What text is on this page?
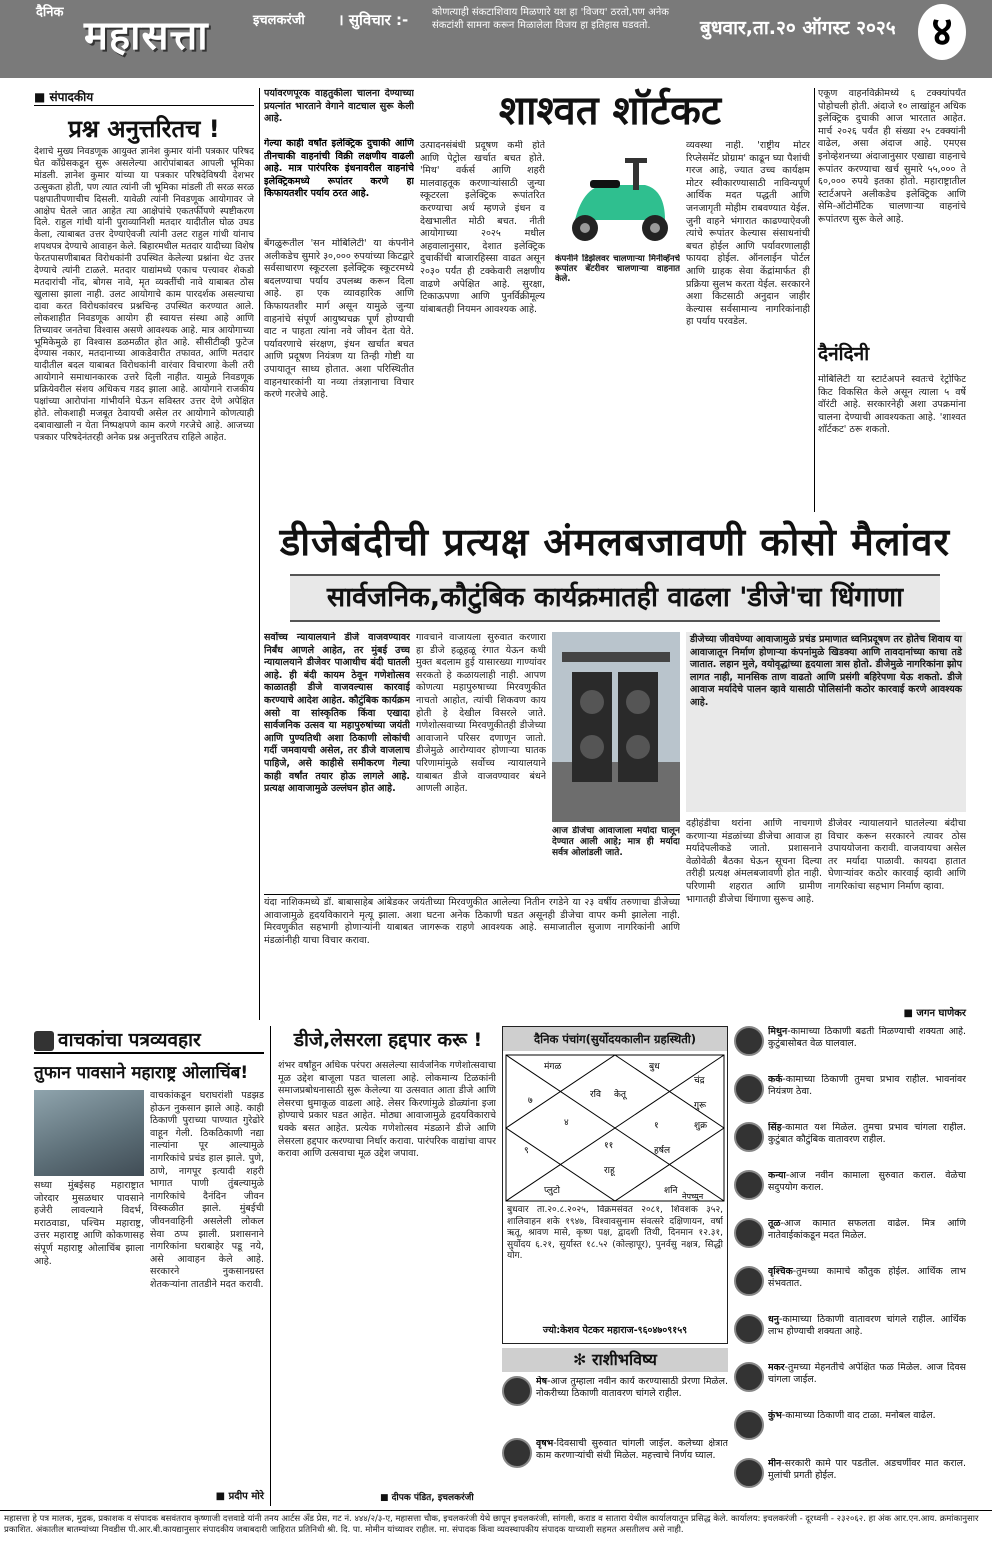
दैनिक
महासत्ता	इचलकरंजी । सुविचार :- कोणत्याही संकटाशिवाय मिळणारे यश हा 'विजय' ठरतो,पण अनेक संकटांशी सामना करून मिळालेला विजय हा इतिहास घडवतो.	बुधवार,ता.२० ऑगस्ट २०२५ ४
■ संपादकीय
प्रश्न अनुत्तरितच !
देशाचे मुख्य निवडणूक आयुक्त ज्ञानेश कुमार यांनी पत्रकार परिषद घेत काँग्रेसकडून सुरू असलेल्या आरोपांबाबत आपली भूमिका मांडली. ज्ञानेश कुमार यांच्या या पत्रकार परिषदेविषयी देशभर उत्सुकता होती, पण त्यात त्यांनी जी भूमिका मांडली ती सरळ सरळ पक्षपातीपणाचीच दिसली. यावेळी त्यांनी निवडणूक आयोगावर जे आक्षेप घेतले जात आहेत त्या आक्षेपांचे एकतर्फीपणे स्पष्टीकरण दिले. राहुल गांधी यांनी पुराव्यानिशी मतदार यादीतील घोळ उघड केला, त्याबाबत उत्तर देण्याऐवजी त्यांनी उलट राहुल गांधी यांनाच शपथपत्र देण्याचे आवाहन केले. बिहारमधील मतदार यादीच्या विशेष फेरतपासणीबाबत विरोधकांनी उपस्थित केलेल्या प्रश्नांना थेट उत्तर देण्याचे त्यांनी टाळले. मतदार याद्यांमध्ये एकाच पत्त्यावर शेकडो मतदारांची नोंद, बोगस नावे, मृत व्यक्तींची नावे याबाबत ठोस खुलासा झाला नाही. उलट आयोगाचे काम पारदर्शक असल्याचा दावा करत विरोधकांवरच प्रश्नचिन्ह उपस्थित करण्यात आले. लोकशाहीत निवडणूक आयोग ही स्वायत्त संस्था आहे आणि तिच्यावर जनतेचा विश्वास असणे आवश्यक आहे. मात्र आयोगाच्या भूमिकेमुळे हा विश्वास डळमळीत होत आहे. सीसीटीव्ही फुटेज देण्यास नकार, मतदानाच्या आकडेवारीत तफावत, आणि मतदार यादीतील बदल याबाबत विरोधकांनी वारंवार विचारणा केली तरी आयोगाने समाधानकारक उत्तरे दिली नाहीत. यामुळे निवडणूक प्रक्रियेवरील संशय अधिकच गडद झाला आहे. आयोगाने राजकीय पक्षांच्या आरोपांना गांभीर्याने घेऊन सविस्तर उत्तर देणे अपेक्षित होते. लोकशाही मजबूत ठेवायची असेल तर आयोगाने कोणत्याही दबावाखाली न येता निष्पक्षपणे काम करणे गरजेचे आहे. आजच्या पत्रकार परिषदेनंतरही अनेक प्रश्न अनुत्तरितच राहिले आहेत.
पर्यावरणपूरक वाहतुकीला चालना देण्याच्या प्रयत्नांत भारताने वेगाने वाटचाल सुरू केली आहे.
गेल्या काही वर्षांत इलेक्ट्रिक दुचाकी आणि तीनचाकी वाहनांची विक्री लक्षणीय वाढली आहे. मात्र पारंपरिक इंधनावरील वाहनांचे इलेक्ट्रिकमध्ये रूपांतर करणे हा किफायतशीर पर्याय ठरत आहे.
बेंगळुरूतील 'सन मोबिलिटी' या कंपनीने अलीकडेच सुमारे ३०,००० रुपयांच्या किटद्वारे सर्वसाधारण स्कूटरला इलेक्ट्रिक स्कूटरमध्ये बदलण्याचा पर्याय उपलब्ध करून दिला आहे. हा एक व्यावहारिक आणि किफायतशीर मार्ग असून यामुळे जुन्या वाहनांचे संपूर्ण आयुष्यचक्र पूर्ण होण्याची वाट न पाहता त्यांना नवे जीवन देता येते. पर्यावरणाचे संरक्षण, इंधन खर्चात बचत आणि प्रदूषण नियंत्रण या तिन्ही गोष्टी या उपायातून साध्य होतात. अशा परिस्थितीत वाहनधारकांनी या नव्या तंत्रज्ञानाचा विचार करणे गरजेचे आहे.
शाश्वत शॉर्टकट
उत्पादनसंबंधी प्रदूषण कमी होते आणि पेट्रोल खर्चात बचत होते. 'मिथ' वर्कर्स आणि शहरी मालवाहतूक करणाऱ्यांसाठी जुन्या स्कूटरला इलेक्ट्रिक रूपांतरित करण्याचा अर्थ म्हणजे इंधन व देखभालीत मोठी बचत. नीती आयोगाच्या २०२५ मधील अहवालानुसार, देशात इलेक्ट्रिक दुचाकींची बाजारहिस्सा वाढत असून २०३० पर्यंत ही टक्केवारी लक्षणीय वाढणे अपेक्षित आहे. सुरक्षा, टिकाऊपणा आणि पुनर्विक्रीमूल्य यांबाबतही नियमन आवश्यक आहे.
कंपनीने डिझेलवर चालणाऱ्या मिनीव्हॅनचे रूपांतर बॅटरीवर चालणाऱ्या वाहनात केले.
व्यवस्था नाही. 'राष्ट्रीय मोटर रिप्लेसमेंट प्रोग्राम' काढून घ्या पैशांची गरज आहे, ज्यात उच्च कार्यक्षम मोटर स्वीकारण्यासाठी नाविन्यपूर्ण आर्थिक मदत पद्धती आणि जनजागृती मोहीम राबवण्यात येईल. जुनी वाहने भंगारात काढण्याऐवजी त्यांचे रूपांतर केल्यास संसाधनांची बचत होईल आणि पर्यावरणालाही फायदा होईल. ऑनलाईन पोर्टल आणि ग्राहक सेवा केंद्रांमार्फत ही प्रक्रिया सुलभ करता येईल. सरकारने अशा किटसाठी अनुदान जाहीर केल्यास सर्वसामान्य नागरिकांनाही हा पर्याय परवडेल.
एकूण वाहनविक्रीमध्ये ६ टक्क्यांपर्यंत पोहोचली होती. अंदाजे १० लाखांहून अधिक इलेक्ट्रिक दुचाकी आज भारतात आहेत. मार्च २०२६ पर्यंत ही संख्या २५ टक्क्यांनी वाढेल, असा अंदाज आहे. एमएस इनोव्हेशनच्या अंदाजानुसार एखाद्या वाहनाचे रूपांतर करण्याचा खर्च सुमारे ५५,००० ते ६०,००० रुपये इतका होतो. महाराष्ट्रातील स्टार्टअपने अलीकडेच इलेक्ट्रिक आणि सेमि-ऑटोमॅटिक चालणाऱ्या वाहनांचे रूपांतरण सुरू केले आहे.
दैनंदिनी
मोबिलिटी या स्टार्टअपने स्वतःचे रेट्रोफिट किट विकसित केले असून त्याला ५ वर्षे वॉरंटी आहे. सरकारनेही अशा उपक्रमांना चालना देण्याची आवश्यकता आहे. 'शाश्वत शॉर्टकट' ठरू शकतो.
डीजेबंदीची प्रत्यक्ष अंमलबजावणी कोसो मैलांवर
सार्वजनिक,कौटुंबिक कार्यक्रमातही वाढला 'डीजे'चा धिंगाणा
सर्वोच्च न्यायालयाने डीजे वाजवण्यावर निर्बंध आणले आहेत, तर मुंबई उच्च न्यायालयाने डीजेवर पाआधीच बंदी घातली आहे. ही बंदी कायम ठेवून गणेशोत्सव काळातही डीजे वाजवल्यास कारवाई करण्याचे आदेश आहेत. कौटुंबिक कार्यक्रम असो वा सांस्कृतिक किंवा एखादा सार्वजनिक उत्सव या महापुरुषांच्या जयंती आणि पुण्यतिथी अशा ठिकाणी लोकांची गर्दी जमवायची असेल, तर डीजे वाजलाच पाहिजे, असे काहीसे समीकरण गेल्या काही वर्षांत तयार होऊ लागले आहे. प्रत्यक्ष आवाजामुळे उल्लंघन होत आहे.
गावचाने वाजायला सुरुवात करणारा हा डीजे हळूहळू रंगात येऊन कधी मुक्त बदलाम हुई यासारख्या गाण्यांवर सरकतो हे कळायलाही नाही. आपण कोणत्या महापुरुषाच्या मिरवणुकीत नाचतो आहोत, त्यांची शिकवण काय होती हे देखील विसरले जाते. गणेशोत्सवाच्या मिरवणुकीतही डीजेच्या आवाजाने परिसर दणाणून जातो. डीजेमुळे आरोग्यावर होणाऱ्या घातक परिणामांमुळे सर्वोच्च न्यायालयाने याबाबत डीजे वाजवण्यावर बंधने आणली आहेत.
आज डीजेचा आवाजाला मर्यादा घालून देण्यात आली आहे; मात्र ही मर्यादा सर्वत्र ओलांडली जाते.
डीजेच्या जीवघेण्या आवाजामुळे प्रचंड प्रमाणात ध्वनिप्रदूषण तर होतेच शिवाय या आवाजातून निर्माण होणाऱ्या कंपनांमुळे खिडक्या आणि तावदानांच्या काचा तडे जातात. लहान मुले, वयोवृद्धांच्या हृदयाला त्रास होतो. डीजेमुळे नागरिकांना झोप लागत नाही, मानसिक ताण वाढतो आणि प्रसंगी बहिरेपणा येऊ शकतो. डीजे आवाज मर्यादेचे पालन व्हावे यासाठी पोलिसांनी कठोर कारवाई करणे आवश्यक आहे.
दहीहंडीचा थरांना आणि नाचगाणे करणाऱ्या मंडळांच्या डीजेचा आवाज हा मर्यादेपलीकडे जातो. प्रशासनाने वेळोवेळी बैठका घेऊन सूचना दिल्या तरीही प्रत्यक्ष अंमलबजावणी होत नाही. परिणामी शहरात आणि ग्रामीण भागातही डीजेचा धिंगाणा सुरूच आहे.
डीजेवर न्यायालयाने घातलेल्या बंदीचा विचार करून सरकारने त्यावर ठोस उपाययोजना करावी. वाजवायचा असेल तर मर्यादा पाळावी. कायदा हातात घेणाऱ्यांवर कठोर कारवाई व्हावी आणि नागरिकांचा सहभाग निर्माण व्हावा.
■ जगन घाणेकर
यंदा नाशिकमध्ये डॉ. बाबासाहेब आंबेडकर जयंतीच्या मिरवणुकीत आलेल्या नितीन रगडेने या २३ वर्षीय तरुणाचा डीजेच्या आवाजामुळे हृदयविकाराने मृत्यू झाला. अशा घटना अनेक ठिकाणी घडत असूनही डीजेचा वापर कमी झालेला नाही. मिरवणुकीत सहभागी होणाऱ्यांनी याबाबत जागरूक राहणे आवश्यक आहे. समाजातील सुजाण नागरिकांनी आणि मंडळांनीही याचा विचार करावा.
वाचकांचा पत्रव्यवहार
तुफान पावसाने महाराष्ट्र ओलाचिंब!
सध्या मुंबईसह महाराष्ट्रात जोरदार मुसळधार पावसाने हजेरी लावल्याने विदर्भ, मराठवाडा, पश्चिम महाराष्ट्र, उत्तर महाराष्ट्र आणि कोकणासह संपूर्ण महाराष्ट्र ओलाचिंब झाला आहे.
वाचकांकडून घराघरांशी पडझड होऊन नुकसान झाले आहे. काही ठिकाणी पुराच्या पाण्यात गुरेढोरे वाहून गेली. ठिकठिकाणी नद्या नाल्यांना पूर आल्यामुळे नागरिकांचे प्रचंड हाल झाले. पुणे, ठाणे, नागपूर इत्यादी शहरी भागात पाणी तुंबल्यामुळे नागरिकांचे दैनंदिन जीवन विस्कळीत झाले. मुंबईची जीवनवाहिनी असलेली लोकल सेवा ठप्प झाली. प्रशासनाने नागरिकांना घराबाहेर पडू नये, असे आवाहन केले आहे. सरकारने नुकसानग्रस्त शेतकऱ्यांना तातडीने मदत करावी.
■ प्रदीप मोरे
डीजे,लेसरला हद्दपार करू !
शंभर वर्षांहून अधिक परंपरा असलेल्या सार्वजनिक गणेशोत्सवाचा मूळ उद्देश बाजूला पडत चालला आहे. लोकमान्य टिळकांनी समाजप्रबोधनासाठी सुरू केलेल्या या उत्सवात आता डीजे आणि लेसरचा धुमाकूळ वाढला आहे. लेसर किरणांमुळे डोळ्यांना इजा होण्याचे प्रकार घडत आहेत. मोठ्या आवाजामुळे हृदयविकाराचे धक्के बसत आहेत. प्रत्येक गणेशोत्सव मंडळाने डीजे आणि लेसरला हद्दपार करण्याचा निर्धार करावा. पारंपरिक वाद्यांचा वापर करावा आणि उत्सवाचा मूळ उद्देश जपावा.
■ दीपक पंडित, इचलकरंजी
दैनिक पंचांग(सुर्योदयकालीन ग्रहस्थिती)
मंगळ
रवि केतू
बुध
चंद्र
गुरू
शुक्र
हर्षल
राहू
शनि
नेपच्युन
प्लुटो
७
४
११
१
९
बुधवार ता.२०.८.२०२५, विक्रमसंवत २०८१, शिवशक ३५२, शालिवाहन शके १९४७, विश्वावसुनाम संवत्सरे दक्षिणायन, वर्षा ऋतू, श्रावण मासे, कृष्ण पक्ष, द्वादशी तिथी, दिनमान १२.३१, सुर्योदय ६.२१, सुर्यास्त १८.५२ (कोल्हापूर), पुनर्वसु नक्षत्र, सिद्धी योग.
ज्यो:केशव पेटकर महाराज-९६०४७०९१५९
✻ राशीभविष्य
मेष-आज तुम्हाला नवीन कार्य करण्यासाठी प्रेरणा मिळेल. नोकरीच्या ठिकाणी वातावरण चांगले राहील.
वृषभ-दिवसाची सुरुवात चांगली जाईल. कलेच्या क्षेत्रात काम करणाऱ्यांची संधी मिळेल. महत्त्वाचे निर्णय घ्याल.
मिथुन-कामाच्या ठिकाणी बढती मिळण्याची शक्यता आहे. कुटुंबासोबत वेळ घालवाल.
कर्क-कामाच्या ठिकाणी तुमचा प्रभाव राहील. भावनांवर नियंत्रण ठेवा.
सिंह-कामात यश मिळेल. तुमचा प्रभाव चांगला राहील. कुटुंबात कौटुंबिक वातावरण राहील.
कन्या-आज नवीन कामाला सुरुवात कराल. वेळेचा सदुपयोग कराल.
तूळ-आज कामात सफलता वाढेल. मित्र आणि नातेवाईकांकडून मदत मिळेल.
वृश्चिक-तुमच्या कामाचे कौतुक होईल. आर्थिक लाभ संभवतात.
धनु-कामाच्या ठिकाणी वातावरण चांगले राहील. आर्थिक लाभ होण्याची शक्यता आहे.
मकर-तुमच्या मेहनतीचे अपेक्षित फळ मिळेल. आज दिवस चांगला जाईल.
कुंभ-कामाच्या ठिकाणी वाद टाळा. मनोबल वाढेल.
मीन-सरकारी कामे पार पडतील. अडचणींवर मात कराल. मुलांची प्रगती होईल.
महासत्ता हे पत्र मालक, मुद्रक, प्रकाशक व संपादक बसवंतराव कृष्णाजी दत्तवाडे यांनी तनय आर्टस अँड प्रेस, गट नं. ४४४/२/३-ए, महासत्ता चौक, इचलकरंजी येथे छापून इचलकरंजी, सांगली, कराड व सातारा येथील कार्यालयातून प्रसिद्ध केले. कार्यालय: इचलकरंजी - दूरध्वनी - २३२०६२. हा अंक आर.एन.आय. क्रमांकानुसार प्रकाशित. अंकातील बातम्यांच्या निवडीस पी.आर.बी.कायद्यानुसार संपादकीय जबाबदारी जाहिरात प्रतिनिधी श्री. दि. पा. मोमीन यांच्यावर राहील. मा. संपादक किंवा व्यवस्थापकीय संपादक याच्याशी सहमत असतीलच असे नाही.
